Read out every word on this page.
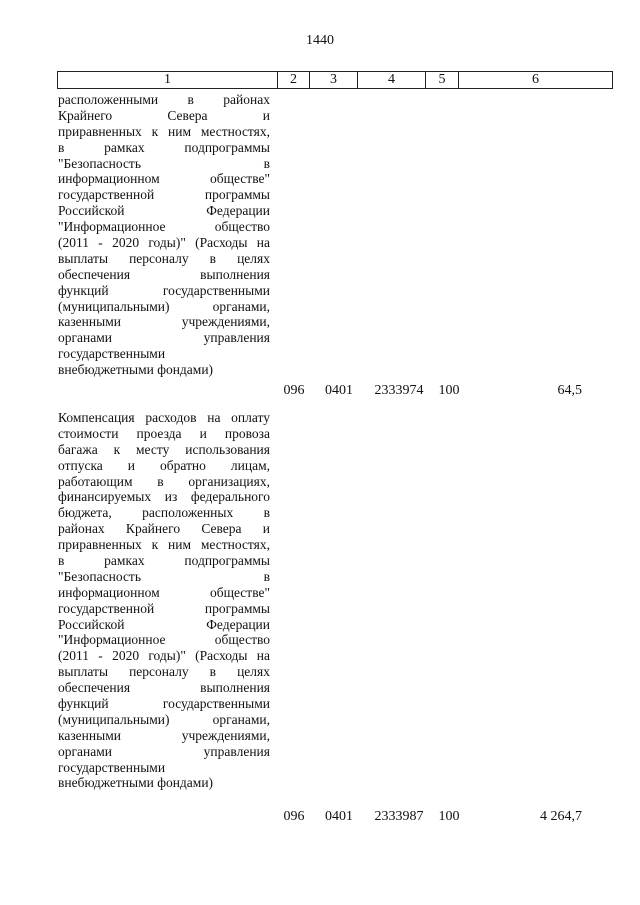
1440
1	2	3	4	5	6
расположенными в районах
Крайнего Севера и
приравненных к ним местностях,
в рамках подпрограммы
"Безопасность в
информационном обществе"
государственной программы
Российской Федерации
"Информационное общество
(2011 - 2020 годы)" (Расходы на
выплаты персоналу в целях
обеспечения выполнения
функций государственными
(муниципальными) органами,
казенными учреждениями,
органами управления
государственными
внебюджетными фондами)
096 0401	2333974	100	64,5
Компенсация расходов на оплату
стоимости проезда и провоза
багажа к месту использования
отпуска и обратно лицам,
работающим в организациях,
финансируемых из федерального
бюджета, расположенных в
районах Крайнего Севера и
приравненных к ним местностях,
в рамках подпрограммы
"Безопасность в
информационном обществе"
государственной программы
Российской Федерации
"Информационное общество
(2011 - 2020 годы)" (Расходы на
выплаты персоналу в целях
обеспечения выполнения
функций государственными
(муниципальными) органами,
казенными учреждениями,
органами управления
государственными
внебюджетными фондами)
096 0401	2333987	100	4 264,7
